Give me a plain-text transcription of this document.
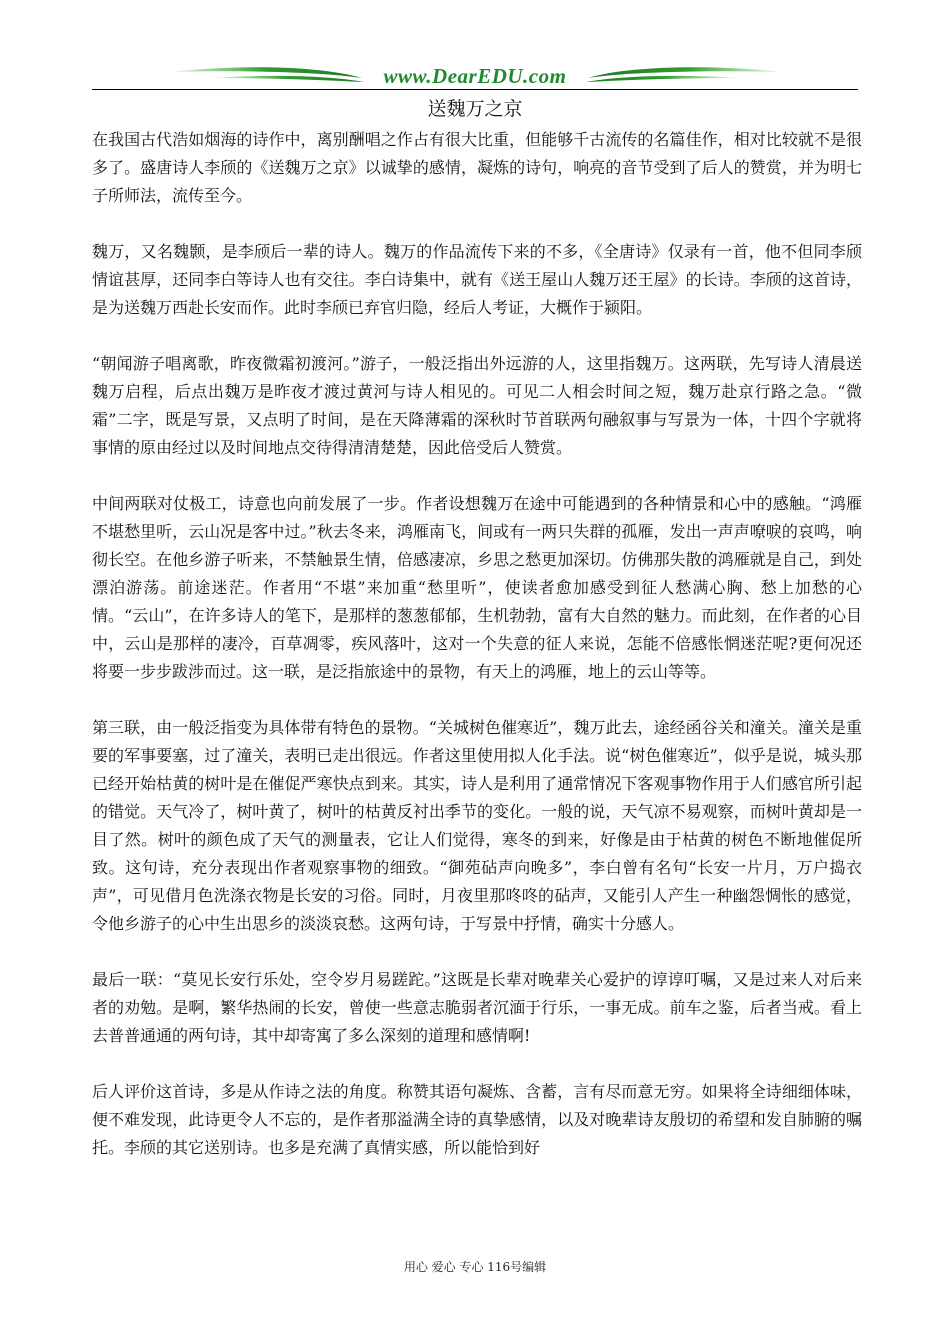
www.DearEDU.com
送魏万之京

在我国古代浩如烟海的诗作中，离别酬唱之作占有很大比重，但能够千古流传的名篇佳作，相对比较就不是很多了。盛唐诗人李颀的《送魏万之京》以诚挚的感情，凝炼的诗句，响亮的音节受到了后人的赞赏，并为明七子所师法，流传至今。

魏万，又名魏颢，是李颀后一辈的诗人。魏万的作品流传下来的不多，《全唐诗》仅录有一首，他不但同李颀情谊甚厚，还同李白等诗人也有交往。李白诗集中，就有《送王屋山人魏万还王屋》的长诗。李颀的这首诗，是为送魏万西赴长安而作。此时李颀已弃官归隐，经后人考证，大概作于颍阳。

“朝闻游子唱离歌，昨夜微霜初渡河。”游子，一般泛指出外远游的人，这里指魏万。这两联，先写诗人清晨送魏万启程，后点出魏万是昨夜才渡过黄河与诗人相见的。可见二人相会时间之短，魏万赴京行路之急。“微霜”二字，既是写景，又点明了时间，是在天降薄霜的深秋时节首联两句融叙事与写景为一体，十四个字就将事情的原由经过以及时间地点交待得清清楚楚，因此倍受后人赞赏。

中间两联对仗极工，诗意也向前发展了一步。作者设想魏万在途中可能遇到的各种情景和心中的感触。“鸿雁不堪愁里听，云山况是客中过。”秋去冬来，鸿雁南飞，间或有一两只失群的孤雁，发出一声声嘹唳的哀鸣，响彻长空。在他乡游子听来，不禁触景生情，倍感凄凉，乡思之愁更加深切。仿佛那失散的鸿雁就是自己，到处漂泊游荡。前途迷茫。作者用“不堪”来加重“愁里听”，使读者愈加感受到征人愁满心胸、愁上加愁的心情。“云山”，在许多诗人的笔下，是那样的葱葱郁郁，生机勃勃，富有大自然的魅力。而此刻，在作者的心目中，云山是那样的凄冷，百草凋零，疾风落叶，这对一个失意的征人来说，怎能不倍感怅惘迷茫呢?更何况还将要一步步跋涉而过。这一联，是泛指旅途中的景物，有天上的鸿雁，地上的云山等等。

第三联，由一般泛指变为具体带有特色的景物。“关城树色催寒近”，魏万此去，途经函谷关和潼关。潼关是重要的军事要塞，过了潼关，表明已走出很远。作者这里使用拟人化手法。说“树色催寒近”，似乎是说，城头那已经开始枯黄的树叶是在催促严寒快点到来。其实，诗人是利用了通常情况下客观事物作用于人们感官所引起的错觉。天气冷了，树叶黄了，树叶的枯黄反衬出季节的变化。一般的说，天气凉不易观察，而树叶黄却是一目了然。树叶的颜色成了天气的测量表，它让人们觉得，寒冬的到来，好像是由于枯黄的树色不断地催促所致。这句诗，充分表现出作者观察事物的细致。“御苑砧声向晚多”，李白曾有名句“长安一片月，万户捣衣声”，可见借月色洗涤衣物是长安的习俗。同时，月夜里那咚咚的砧声，又能引人产生一种幽怨惆怅的感觉，令他乡游子的心中生出思乡的淡淡哀愁。这两句诗，于写景中抒情，确实十分感人。

最后一联：“莫见长安行乐处，空令岁月易蹉跎。”这既是长辈对晚辈关心爱护的谆谆叮嘱，又是过来人对后来者的劝勉。是啊，繁华热闹的长安，曾使一些意志脆弱者沉湎于行乐，一事无成。前车之鉴，后者当戒。看上去普普通通的两句诗，其中却寄寓了多么深刻的道理和感情啊!

后人评价这首诗，多是从作诗之法的角度。称赞其语句凝炼、含蓄，言有尽而意无穷。如果将全诗细细体味，便不难发现，此诗更令人不忘的，是作者那溢满全诗的真挚感情，以及对晚辈诗友殷切的希望和发自肺腑的嘱托。李颀的其它送别诗。也多是充满了真情实感，所以能恰到好

用心 爱心 专心 116号编辑
